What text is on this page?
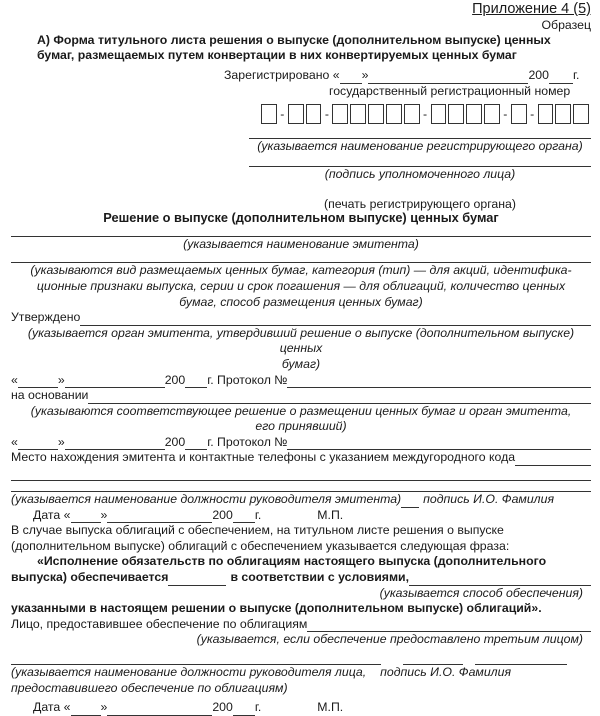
Приложение 4 (5)
Образец
А) Форма титульного листа решения о выпуске (дополнительном выпуске) ценных бумаг, размещаемых путем конвертации в них конвертируемых ценных бумаг
Зарегистрировано « »	200 г.
государственный регистрационный номер
-	-	-	- -
(указывается наименование регистрирующего органа)
(подпись уполномоченного лица)
(печать регистрирующего органа)
Решение о выпуске (дополнительном выпуске) ценных бумаг
(указывается наименование эмитента)
(указываются вид размещаемых ценных бумаг, категория (тип) — для акций, идентифика-
ционные признаки выпуска, серии и срок погашения — для облигаций, количество ценных
бумаг, способ размещения ценных бумаг)
Утверждено
(указывается орган эмитента, утвердивший решение о выпуске (дополнительном выпуске) ценных
бумаг)
«	»	200 г. Протокол №
на основании
(указываются соответствующее решение о размещении ценных бумаг и орган эмитента,
его принявший)
«	»	200 г. Протокол №
Место нахождения эмитента и контактные телефоны с указанием междугородного кода
(указывается наименование должности руководителя эмитента) подпись И.О. Фамилия
Дата « »	200 г.	М.П.
В случае выпуска облигаций с обеспечением, на титульном листе решения о выпуске
(дополнительном выпуске) облигаций с обеспечением указывается следующая фраза:
«Исполнение обязательств по облигациям настоящего выпуска (дополнительного
выпуска) обеспечивается	в соответствии с условиями,
(указывается способ обеспечения)
указанными в настоящем решении о выпуске (дополнительном выпуске) облигаций».
Лицо, предоставившее обеспечение по облигациям
(указывается, если обеспечение предоставлено третьим лицом)
(указывается наименование должности руководителя лица, подпись И.О. Фамилия
предоставившего обеспечение по облигациям)
Дата « »	200 г.	М.П.
